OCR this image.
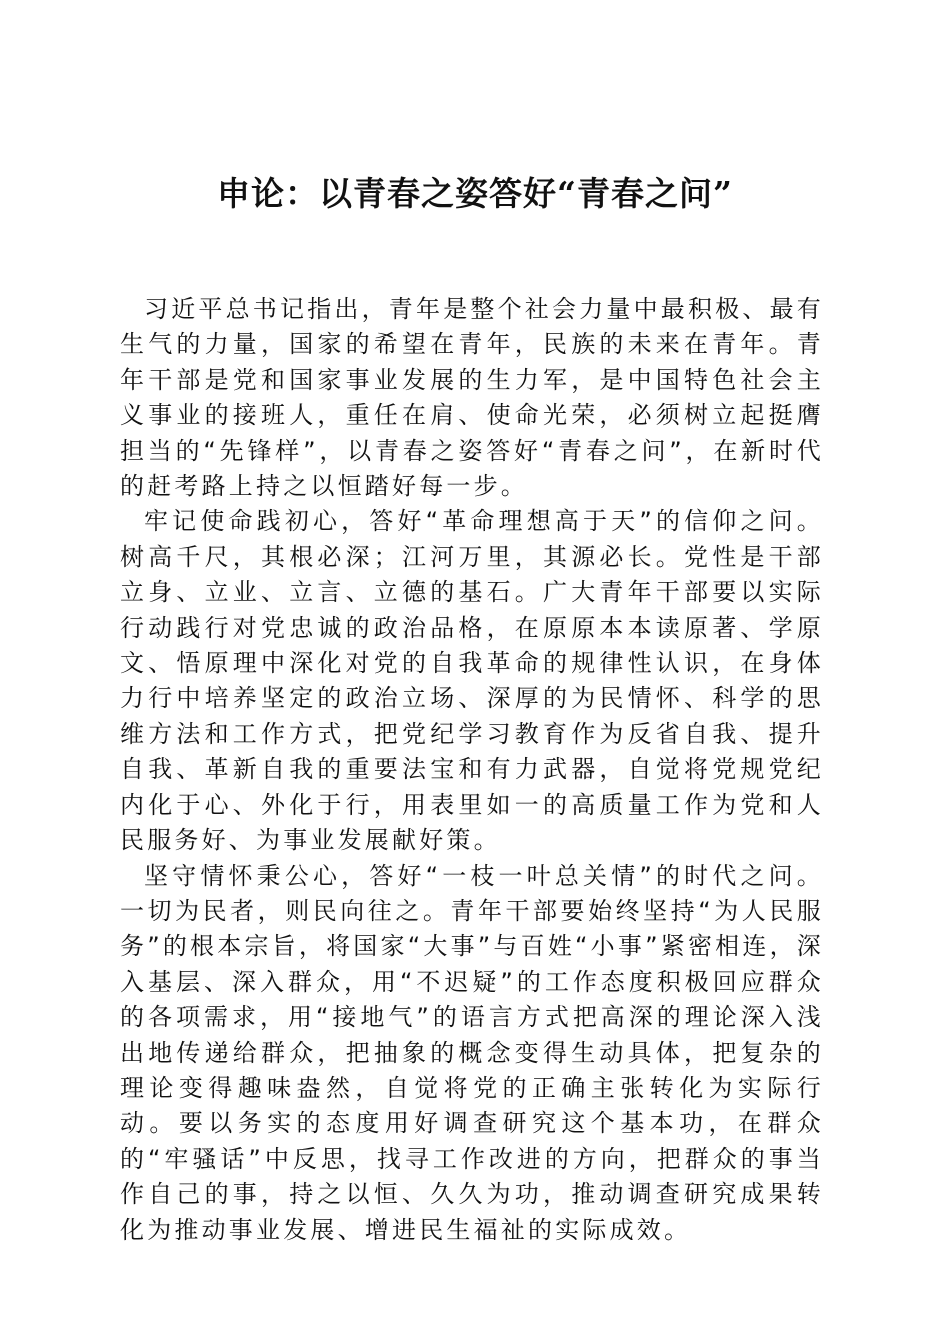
申论：以青春之姿答好“青春之问”

习近平总书记指出，青年是整个社会力量中最积极、最有生气的力量，国家的希望在青年，民族的未来在青年。青年干部是党和国家事业发展的生力军，是中国特色社会主义事业的接班人，重任在肩、使命光荣，必须树立起挺膺担当的“先锋样”，以青春之姿答好“青春之问”，在新时代的赶考路上持之以恒踏好每一步。

牢记使命践初心，答好“革命理想高于天”的信仰之问。树高千尺，其根必深；江河万里，其源必长。党性是干部立身、立业、立言、立德的基石。广大青年干部要以实际行动践行对党忠诚的政治品格，在原原本本读原著、学原文、悟原理中深化对党的自我革命的规律性认识，在身体力行中培养坚定的政治立场、深厚的为民情怀、科学的思维方法和工作方式，把党纪学习教育作为反省自我、提升自我、革新自我的重要法宝和有力武器，自觉将党规党纪内化于心、外化于行，用表里如一的高质量工作为党和人民服务好、为事业发展献好策。

坚守情怀秉公心，答好“一枝一叶总关情”的时代之问。一切为民者，则民向往之。青年干部要始终坚持“为人民服务”的根本宗旨，将国家“大事”与百姓“小事”紧密相连，深入基层、深入群众，用“不迟疑”的工作态度积极回应群众的各项需求，用“接地气”的语言方式把高深的理论深入浅出地传递给群众，把抽象的概念变得生动具体，把复杂的理论变得趣味盎然，自觉将党的正确主张转化为实际行动。要以务实的态度用好调查研究这个基本功，在群众的“牢骚话”中反思，找寻工作改进的方向，把群众的事当作自己的事，持之以恒、久久为功，推动调查研究成果转化为推动事业发展、增进民生福祉的实际成效。
